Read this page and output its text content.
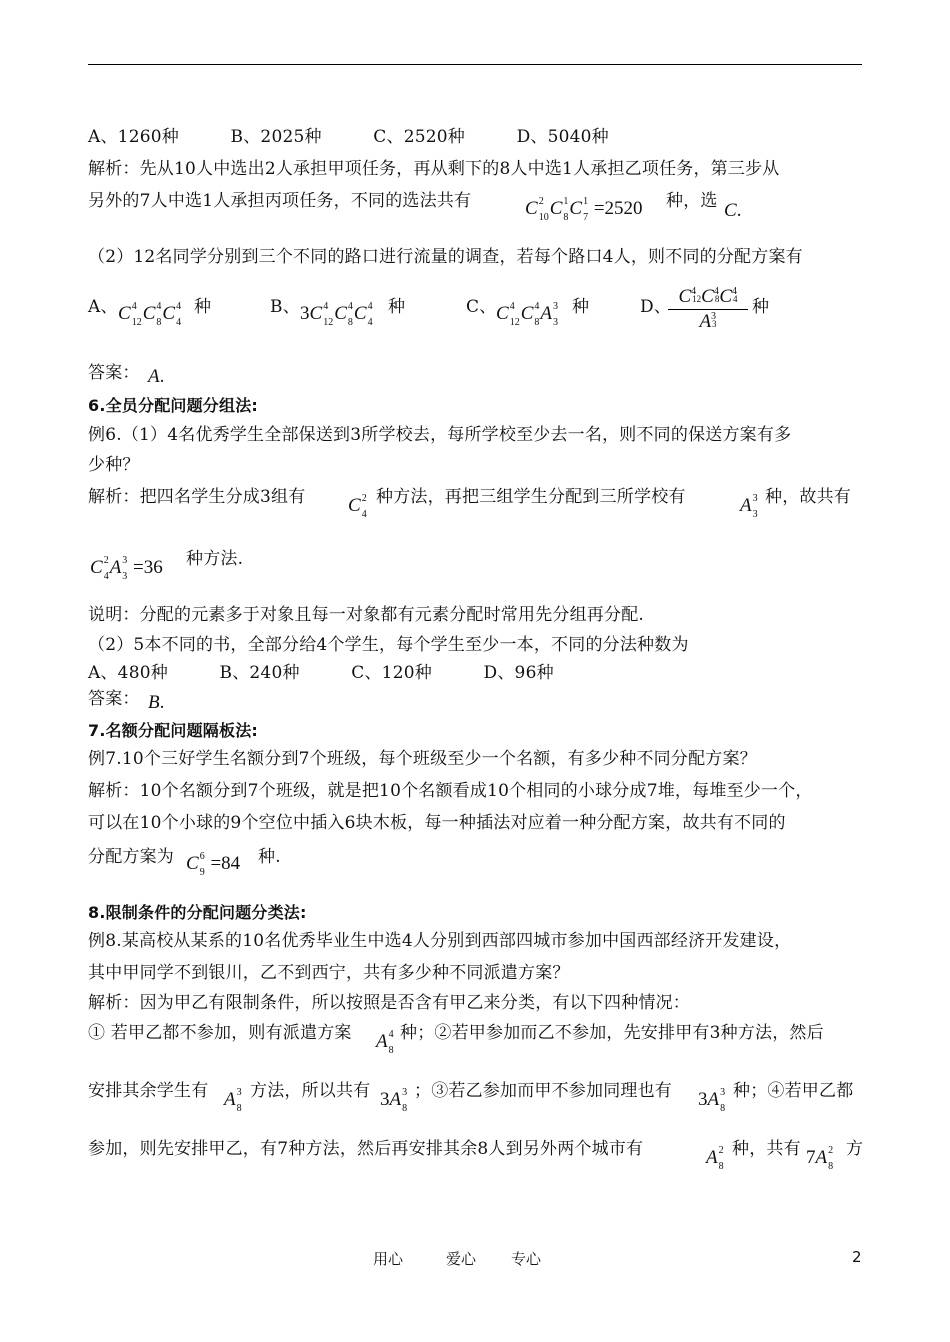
A、1260种　　　B、2025种　　　C、2520种　　　D、5040种
解析：先从10人中选出2人承担甲项任务，再从剩下的8人中选1人承担乙项任务，第三步从
另外的7人中选1人承担丙项任务，不同的选法共有	$C^2$
$_{10}C^1$
$_8C^1$
$_7$ =2520 种，选 C.
（2）12名同学分别到三个不同的路口进行流量的调查，若每个路口4人，则不同的分配方案有
A、 $C^4$
$_{12}C^4$
$_8C^4$
$_4$
种	B、 $3C^4$
$_{12}C^4$
$_8C^4$
$_4$
种	C、 $C^4$
$_{12}C^4$
$_8A^3$
$_3$
种	D、 $C^412C^48C^44$
$A^33$
种
答案： A.
6.全员分配问题分组法:
例6.（1）4名优秀学生全部保送到3所学校去，每所学校至少去一名，则不同的保送方案有多
少种？
解析：把四名学生分成3组有 $C^2$
$_4$
种方法，再把三组学生分配到三所学校有	$A^3$
$_3$
种，故共有
$C^2$
$_4A^3$
$_3$ =36 种方法.
说明：分配的元素多于对象且每一对象都有元素分配时常用先分组再分配.
（2）5本不同的书，全部分给4个学生，每个学生至少一本，不同的分法种数为
A、480种　　　B、240种　　　C、120种　　　D、96种
答案： B.
7.名额分配问题隔板法:
例7.10个三好学生名额分到7个班级，每个班级至少一个名额，有多少种不同分配方案？
解析：10个名额分到7个班级，就是把10个名额看成10个相同的小球分成7堆，每堆至少一个，
可以在10个小球的9个空位中插入6块木板，每一种插法对应着一种分配方案，故共有不同的
分配方案为 $C^6$
$_9$ =84 种.
8.限制条件的分配问题分类法:
例8.某高校从某系的10名优秀毕业生中选4人分别到西部四城市参加中国西部经济开发建设，
其中甲同学不到银川，乙不到西宁，共有多少种不同派遣方案？
解析：因为甲乙有限制条件，所以按照是否含有甲乙来分类，有以下四种情况：
① 若甲乙都不参加，则有派遣方案 $A^4$
$_8$
种；②若甲参加而乙不参加，先安排甲有3种方法，然后
安排其余学生有 $A^3$
$_8$
方法，所以共有 $3A^3$
$_8$
；③若乙参加而甲不参加同理也有 $3A^3$
$_8$
种；④若甲乙都
参加，则先安排甲乙，有7种方法，然后再安排其余8人到另外两个城市有	$A^2$
$_8$
种，共有 $7A^2$
$_8$
方
用心	爱心 专心	2
